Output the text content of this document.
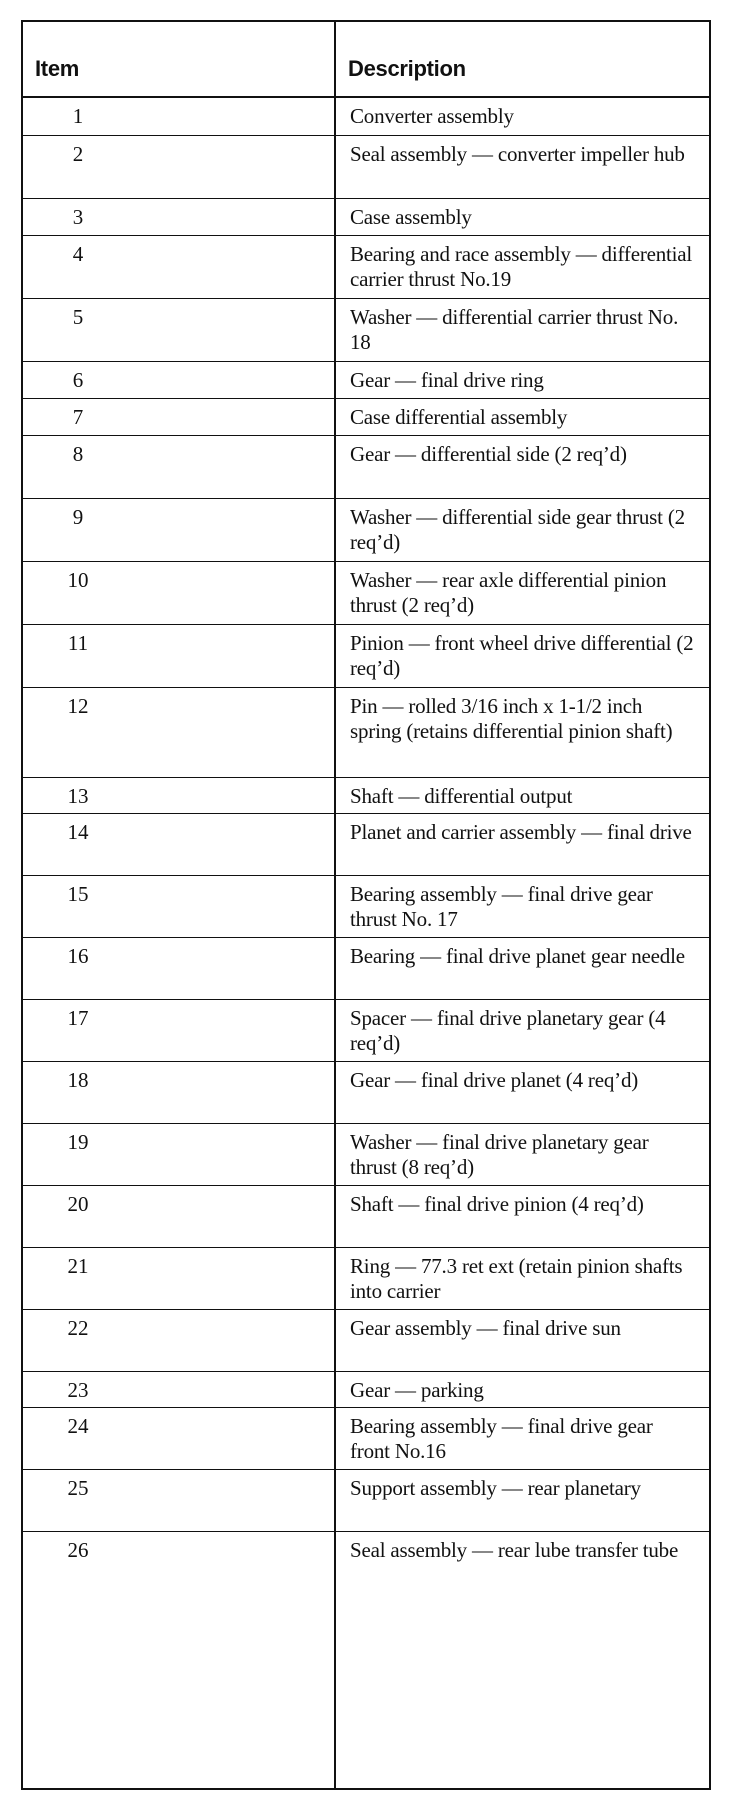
Item	Description
1	Converter assembly
2	Seal assembly — converter impeller hub
3	Case assembly
4	Bearing and race assembly — differential carrier thrust No.19
5	Washer — differential carrier thrust No. 18
6	Gear — final drive ring
7	Case differential assembly
8	Gear — differential side (2 req’d)
9	Washer — differential side gear thrust (2 req’d)
10	Washer — rear axle differential pinion thrust (2 req’d)
11	Pinion — front wheel drive differential (2 req’d)
12	Pin — rolled 3/16 inch x 1-1/2 inch spring (retains differential pinion shaft)
13	Shaft — differential output
14	Planet and carrier assembly — final drive
15	Bearing assembly — final drive gear thrust No. 17
16	Bearing — final drive planet gear needle
17	Spacer — final drive planetary gear (4 req’d)
18	Gear — final drive planet (4 req’d)
19	Washer — final drive planetary gear thrust (8 req’d)
20	Shaft — final drive pinion (4 req’d)
21	Ring — 77.3 ret ext (retain pinion shafts into carrier
22	Gear assembly — final drive sun
23	Gear — parking
24	Bearing assembly — final drive gear front No.16
25	Support assembly — rear planetary
26	Seal assembly — rear lube transfer tube
